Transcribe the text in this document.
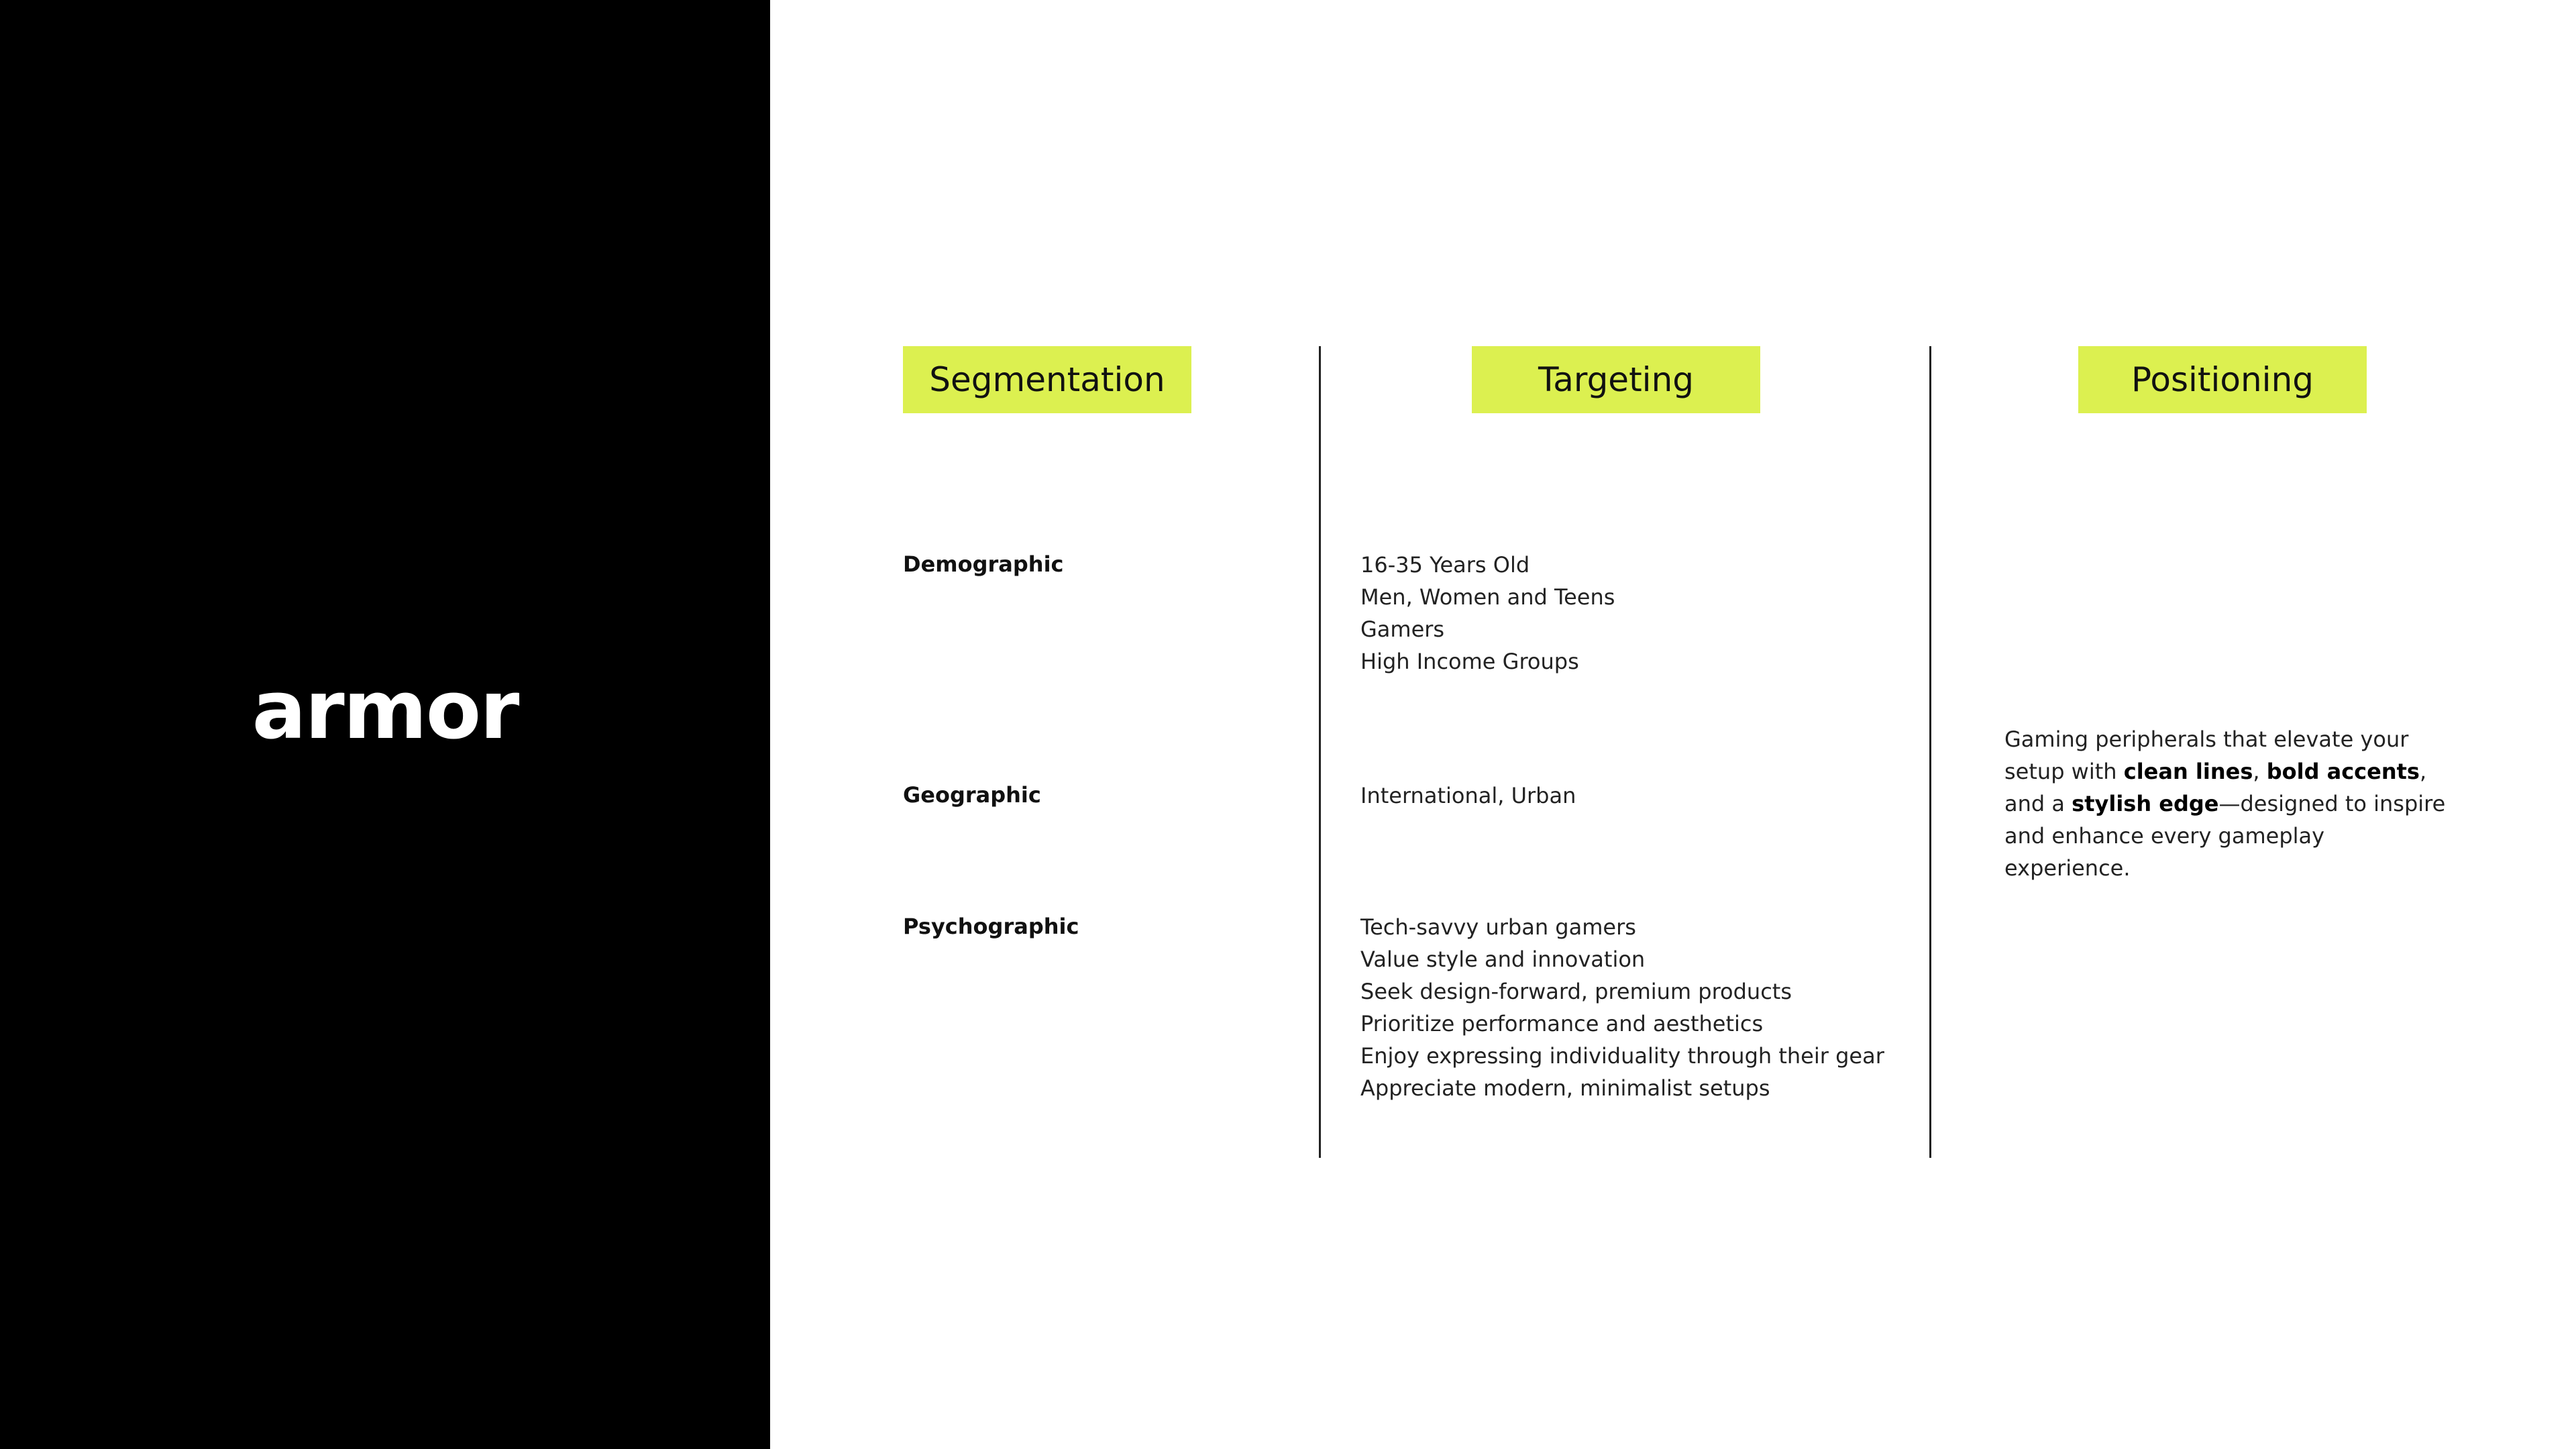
armor
Segmentation	Targeting	Positioning
Demographic
Geographic
Psychographic
16-35 Years Old
Men, Women and Teens
Gamers
High Income Groups
International, Urban
Tech-savvy urban gamers
Value style and innovation
Seek design-forward, premium products
Prioritize performance and aesthetics
Enjoy expressing individuality through their gear
Appreciate modern, minimalist setups

Gaming peripherals that elevate your setup with clean lines, bold accents, and a stylish edge—designed to inspire and enhance every gameplay experience.
